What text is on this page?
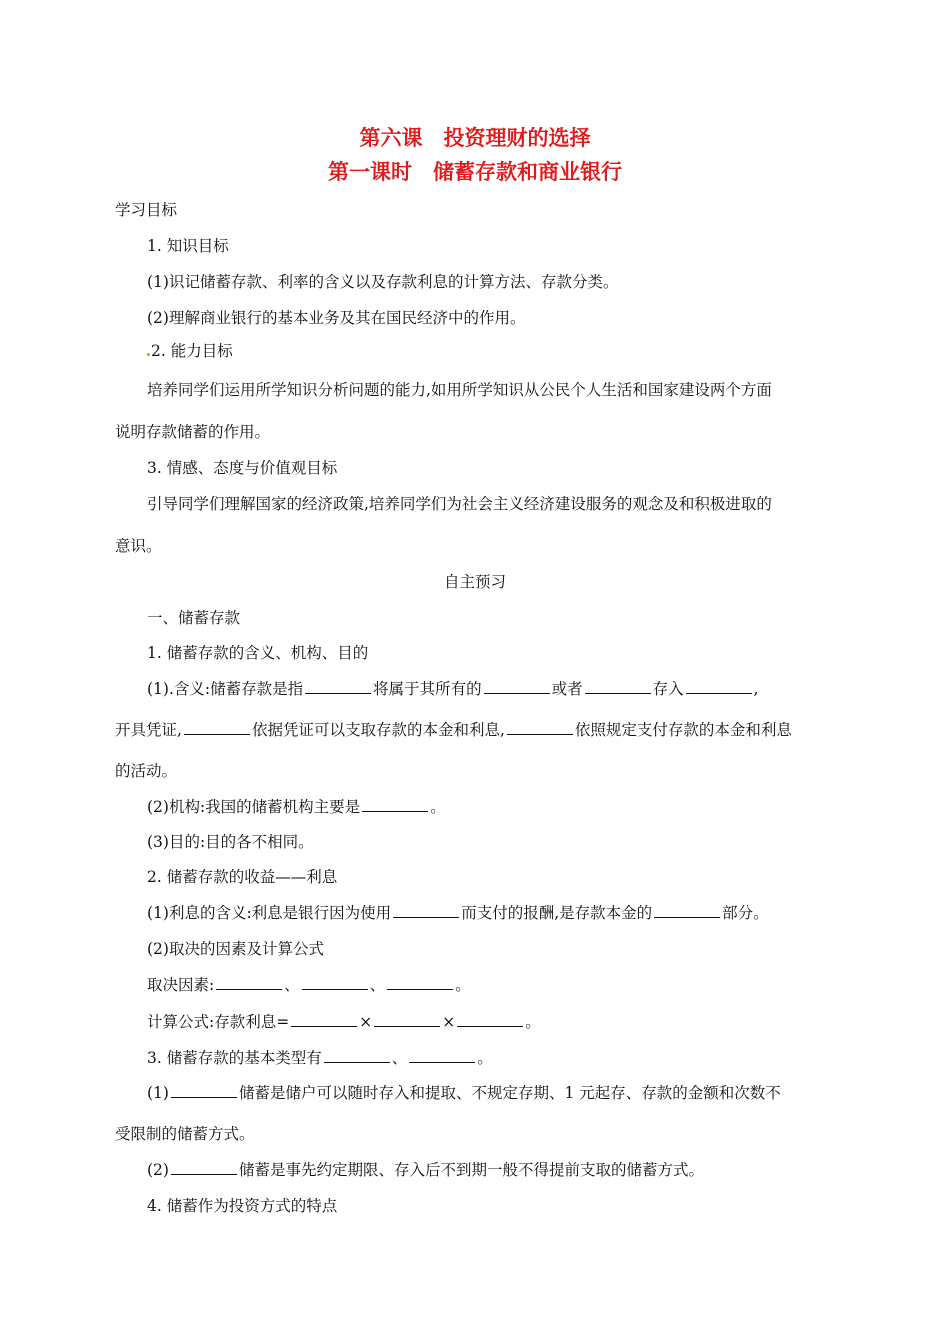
第六课　投资理财的选择
第一课时　储蓄存款和商业银行
学习目标
1. 知识目标
(1)识记储蓄存款、利率的含义以及存款利息的计算方法、存款分类。
(2)理解商业银行的基本业务及其在国民经济中的作用。
2. 能力目标
培养同学们运用所学知识分析问题的能力,如用所学知识从公民个人生活和国家建设两个方面
说明存款储蓄的作用。
3. 情感、态度与价值观目标
引导同学们理解国家的经济政策,培养同学们为社会主义经济建设服务的观念及和积极进取的
意识。
自主预习
一、储蓄存款
1. 储蓄存款的含义、机构、目的
(1).含义:储蓄存款是指	将属于其所有的	或者	存入	,
开具凭证,	依据凭证可以支取存款的本金和利息,	依照规定支付存款的本金和利息
的活动。
(2)机构:我国的储蓄机构主要是	。
(3)目的:目的各不相同。
2. 储蓄存款的收益——利息
(1)利息的含义:利息是银行因为使用	而支付的报酬,是存款本金的	部分。
(2)取决的因素及计算公式
取决因素:	、	、	。
计算公式:存款利息=	×	×	。
3. 储蓄存款的基本类型有	、	。
(1)	储蓄是储户可以随时存入和提取、不规定存期、1 元起存、存款的金额和次数不
受限制的储蓄方式。
(2)	储蓄是事先约定期限、存入后不到期一般不得提前支取的储蓄方式。
4. 储蓄作为投资方式的特点
